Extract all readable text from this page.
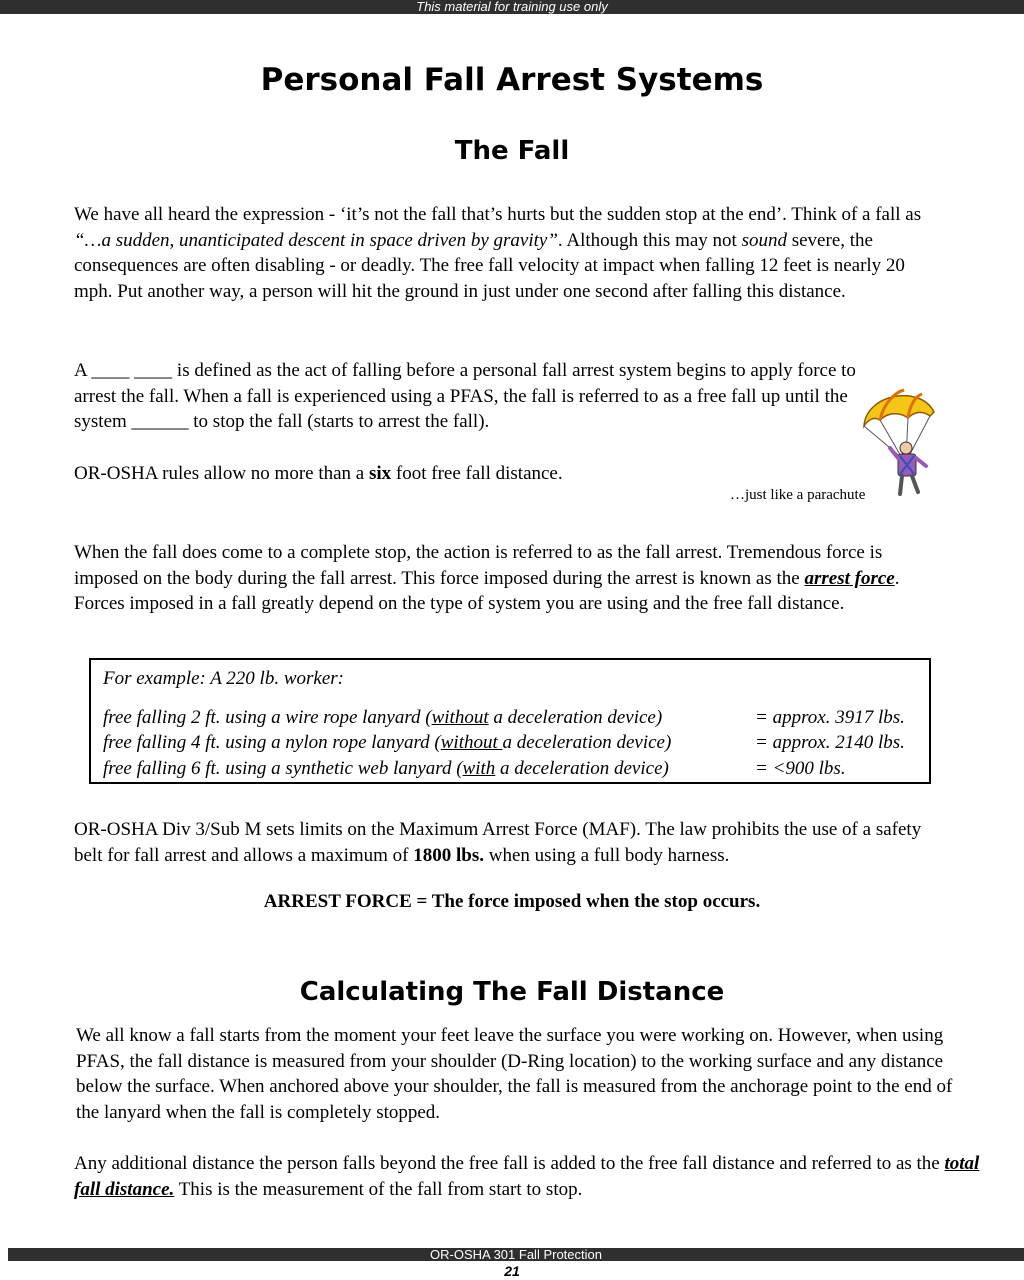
This material for training use only
Personal Fall Arrest Systems
The Fall

We have all heard the expression - ‘it’s not the fall that’s hurts but the sudden stop at the end’. Think of a fall as “…a sudden, unanticipated descent in space driven by gravity”. Although this may not sound severe, the consequences are often disabling - or deadly. The free fall velocity at impact when falling 12 feet is nearly 20 mph. Put another way, a person will hit the ground in just under one second after falling this distance.

A ____ ____ is defined as the act of falling before a personal fall arrest system begins to apply force to arrest the fall. When a fall is experienced using a PFAS, the fall is referred to as a free fall up until the system ______ to stop the fall (starts to arrest the fall).

OR-OSHA rules allow no more than a six foot free fall distance.

…just like a parachute

When the fall does come to a complete stop, the action is referred to as the fall arrest. Tremendous force is imposed on the body during the fall arrest. This force imposed during the arrest is known as the arrest force. Forces imposed in a fall greatly depend on the type of system you are using and the free fall distance.

For example: A 220 lb. worker:
free falling 2 ft. using a wire rope lanyard (without a deceleration device)	= approx. 3917 lbs.
free falling 4 ft. using a nylon rope lanyard (without a deceleration device)	= approx. 2140 lbs.
free falling 6 ft. using a synthetic web lanyard (with a deceleration device)	= <900 lbs.

OR-OSHA Div 3/Sub M sets limits on the Maximum Arrest Force (MAF). The law prohibits the use of a safety belt for fall arrest and allows a maximum of 1800 lbs. when using a full body harness.

ARREST FORCE = The force imposed when the stop occurs.

Calculating The Fall Distance

We all know a fall starts from the moment your feet leave the surface you were working on. However, when using PFAS, the fall distance is measured from your shoulder (D-Ring location) to the working surface and any distance below the surface. When anchored above your shoulder, the fall is measured from the anchorage point to the end of the lanyard when the fall is completely stopped.

Any additional distance the person falls beyond the free fall is added to the free fall distance and referred to as the total fall distance. This is the measurement of the fall from start to stop.

OR-OSHA 301 Fall Protection
21
